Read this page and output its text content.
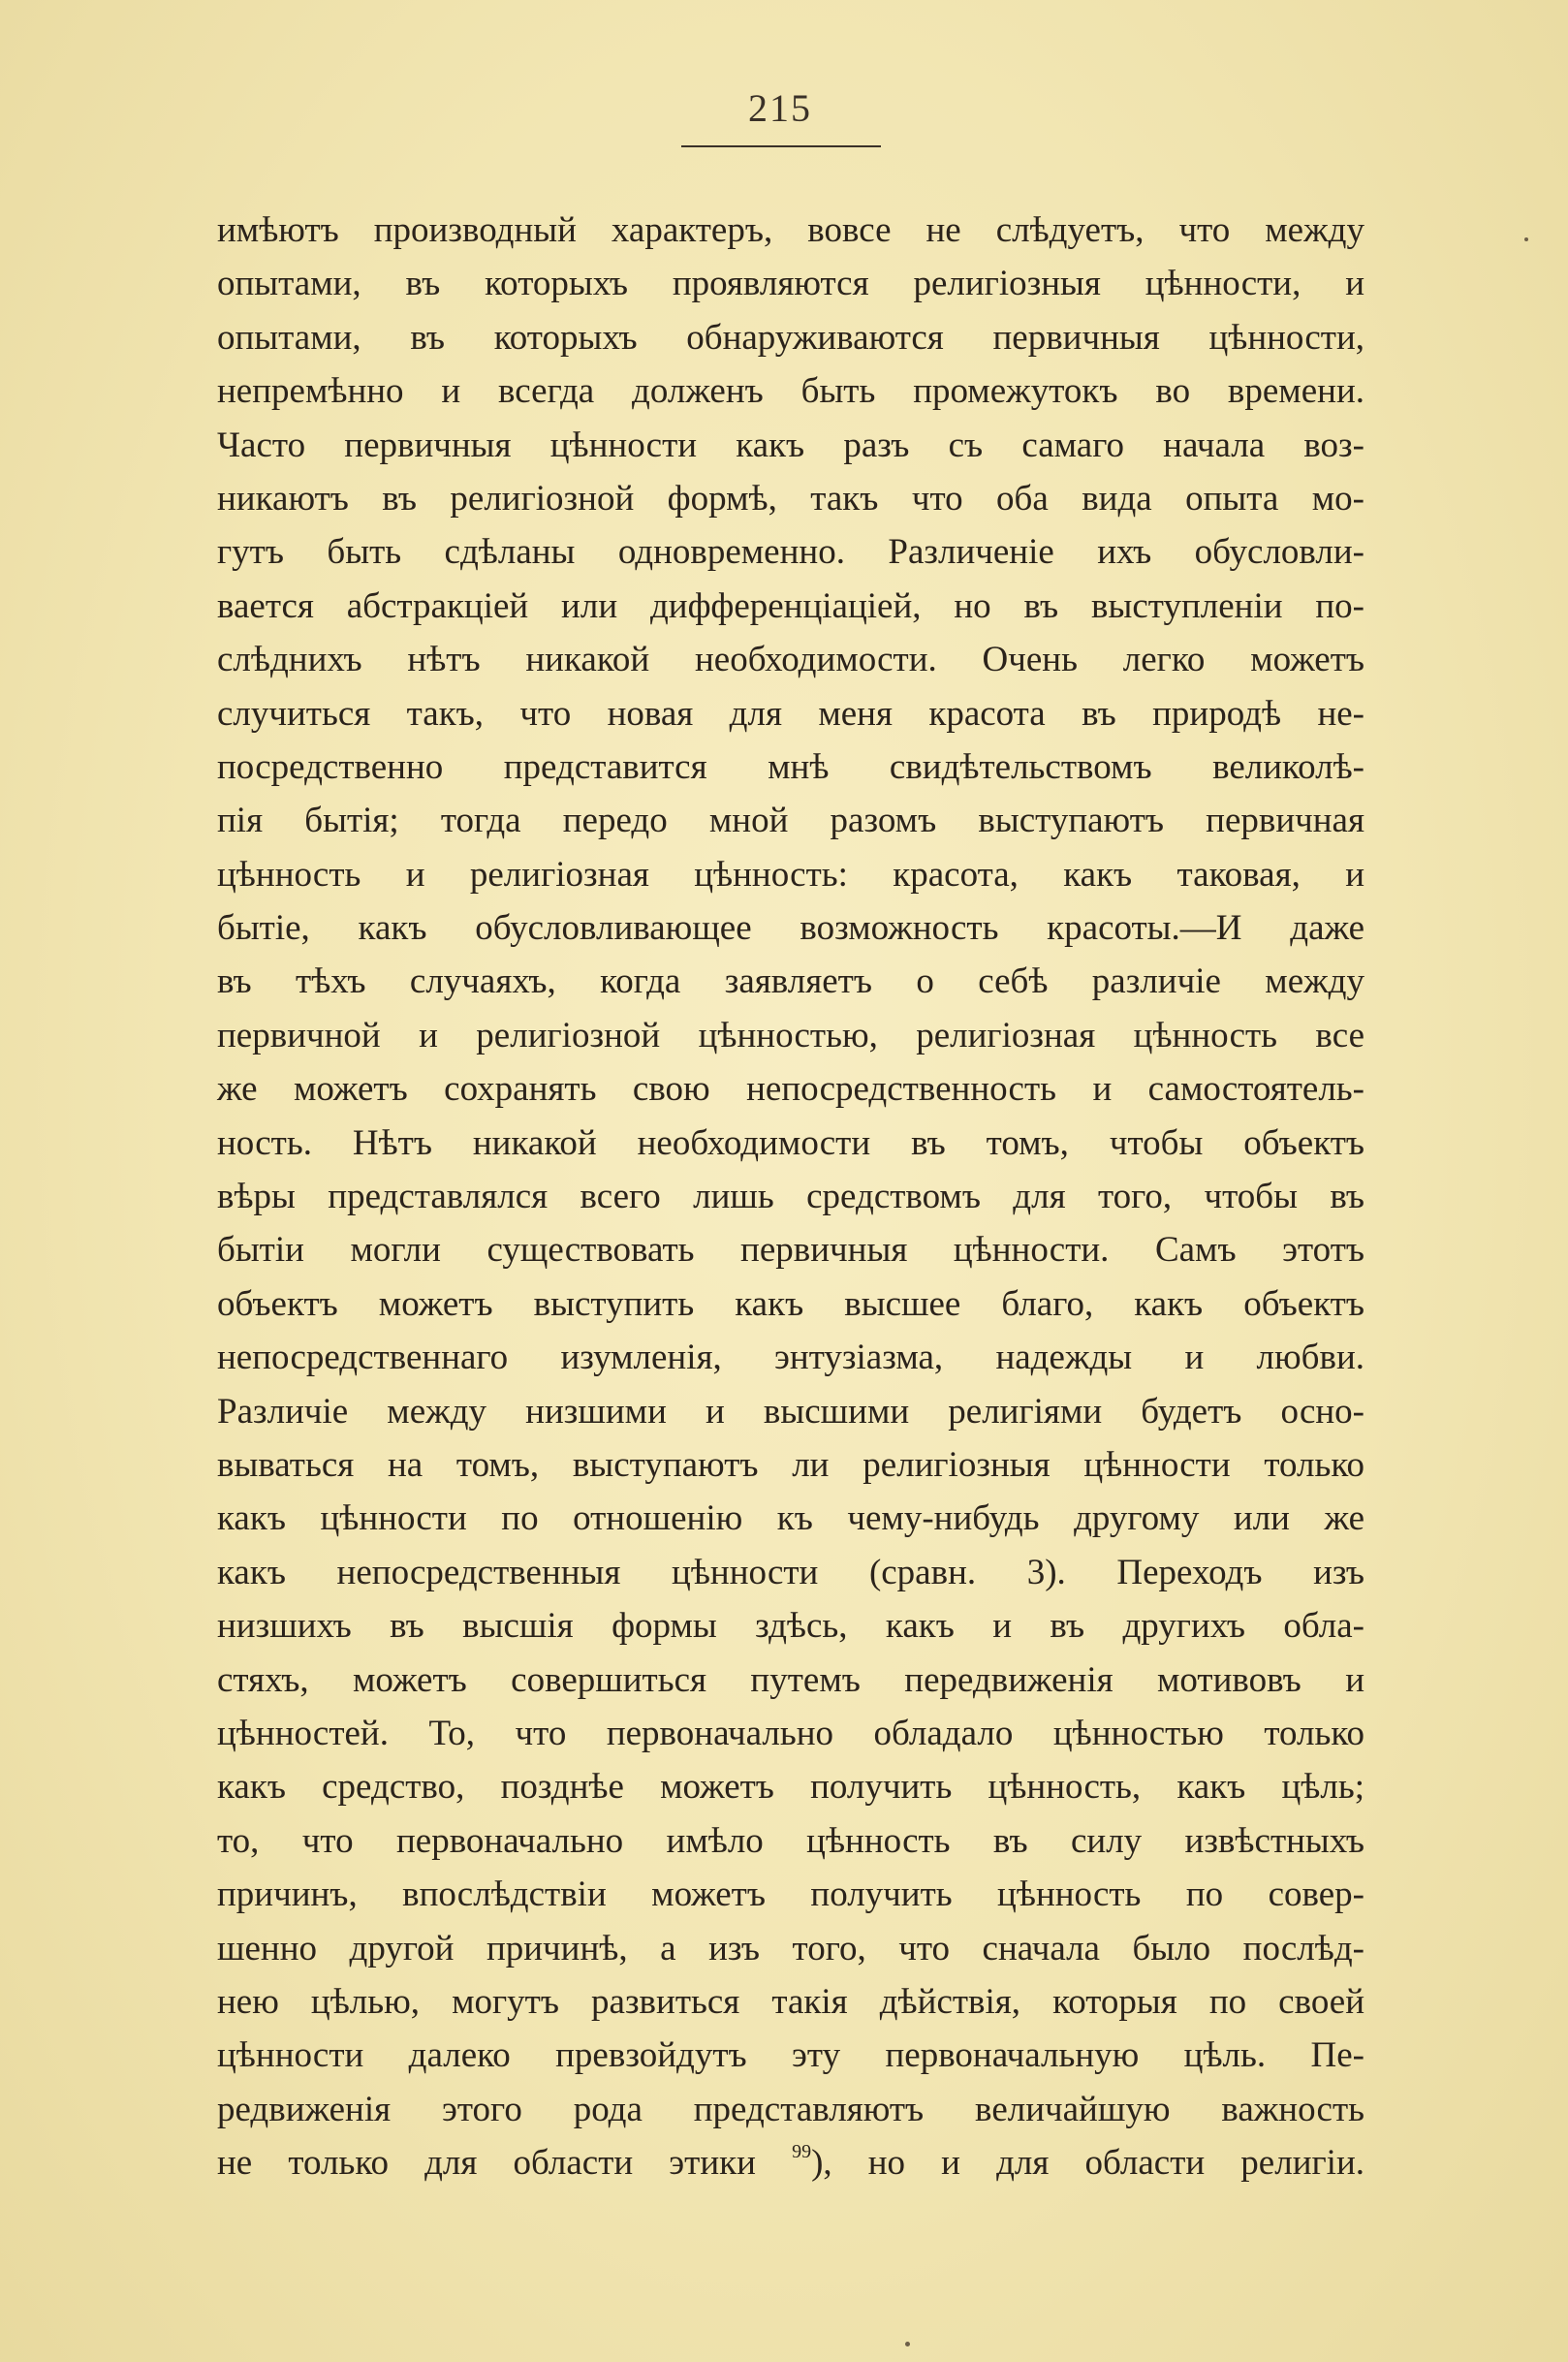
215
имѣютъ производный характеръ, вовсе не слѣдуетъ, что между
опытами, въ которыхъ проявляются религіозныя цѣнности, и
опытами, въ которыхъ обнаруживаются первичныя цѣнности,
непремѣнно и всегда долженъ быть промежутокъ во времени.
Часто первичныя цѣнности какъ разъ съ самаго начала воз-
никаютъ въ религіозной формѣ, такъ что оба вида опыта мо-
гутъ быть сдѣланы одновременно. Различеніе ихъ обусловли-
вается абстракціей или дифференціаціей, но въ выступленіи по-
слѣднихъ нѣтъ никакой необходимости. Очень легко можетъ
случиться такъ, что новая для меня красота въ природѣ не-
посредственно представится мнѣ свидѣтельствомъ великолѣ-
пія бытія; тогда передо мной разомъ выступаютъ первичная
цѣнность и религіозная цѣнность: красота, какъ таковая, и
бытіе, какъ обусловливающее возможность красоты.—И даже
въ тѣхъ случаяхъ, когда заявляетъ о себѣ различіе между
первичной и религіозной цѣнностью, религіозная цѣнность все
же можетъ сохранять свою непосредственность и самостоятель-
ность. Нѣтъ никакой необходимости въ томъ, чтобы объектъ
вѣры представлялся всего лишь средствомъ для того, чтобы въ
бытіи могли существовать первичныя цѣнности. Самъ этотъ
объектъ можетъ выступить какъ высшее благо, какъ объектъ
непосредственнаго изумленія, энтузіазма, надежды и любви.
Различіе между низшими и высшими религіями будетъ осно-
вываться на томъ, выступаютъ ли религіозныя цѣнности только
какъ цѣнности по отношенію къ чему-нибудь другому или же
какъ непосредственныя цѣнности (сравн. 3). Переходъ изъ
низшихъ въ высшія формы здѣсь, какъ и въ другихъ обла-
стяхъ, можетъ совершиться путемъ передвиженія мотивовъ и
цѣнностей. То, что первоначально обладало цѣнностью только
какъ средство, позднѣе можетъ получить цѣнность, какъ цѣль;
то, что первоначально имѣло цѣнность въ силу извѣстныхъ
причинъ, впослѣдствіи можетъ получить цѣнность по совер-
шенно другой причинѣ, а изъ того, что сначала было послѣд-
нею цѣлью, могутъ развиться такія дѣйствія, которыя по своей
цѣнности далеко превзойдутъ эту первоначальную цѣль. Пе-
редвиженія этого рода представляютъ величайшую важность
не только для области этики $^{99}$), но и для области религіи.
